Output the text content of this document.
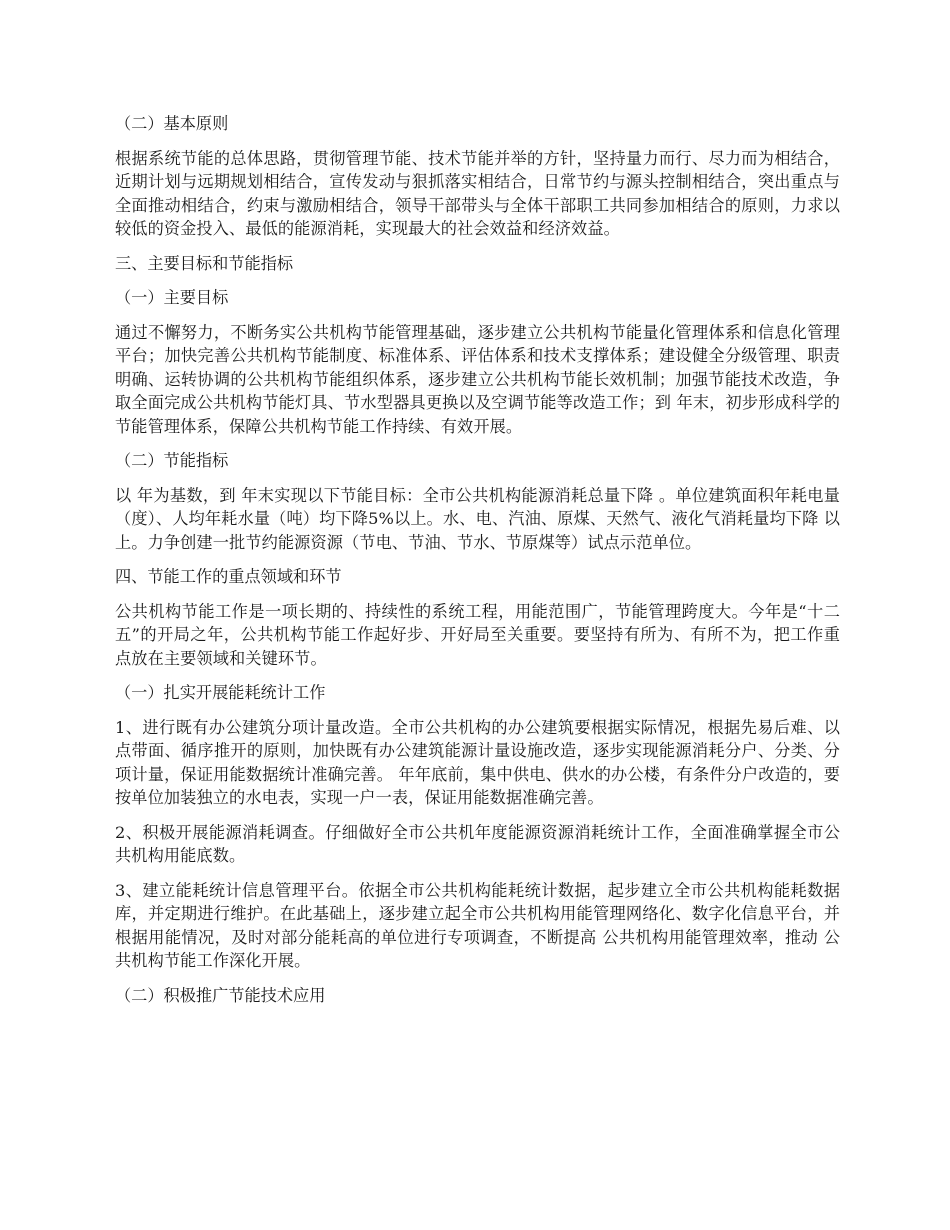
（二）基本原则

根据系统节能的总体思路，贯彻管理节能、技术节能并举的方针，坚持量力而行、尽力而为相结合，近期计划与远期规划相结合，宣传发动与狠抓落实相结合，日常节约与源头控制相结合，突出重点与全面推动相结合，约束与激励相结合，领导干部带头与全体干部职工共同参加相结合的原则，力求以较低的资金投入、最低的能源消耗，实现最大的社会效益和经济效益。

三、主要目标和节能指标

（一）主要目标

通过不懈努力，不断务实公共机构节能管理基础，逐步建立公共机构节能量化管理体系和信息化管理平台；加快完善公共机构节能制度、标准体系、评估体系和技术支撑体系；建设健全分级管理、职责明确、运转协调的公共机构节能组织体系，逐步建立公共机构节能长效机制；加强节能技术改造，争取全面完成公共机构节能灯具、节水型器具更换以及空调节能等改造工作；到 年末，初步形成科学的节能管理体系，保障公共机构节能工作持续、有效开展。

（二）节能指标

以 年为基数，到 年末实现以下节能目标：全市公共机构能源消耗总量下降 。单位建筑面积年耗电量（度）、人均年耗水量（吨）均下降5%以上。水、电、汽油、原煤、天然气、液化气消耗量均下降 以上。力争创建一批节约能源资源（节电、节油、节水、节原煤等）试点示范单位。

四、节能工作的重点领域和环节

公共机构节能工作是一项长期的、持续性的系统工程，用能范围广，节能管理跨度大。今年是“十二五”的开局之年，公共机构节能工作起好步、开好局至关重要。要坚持有所为、有所不为，把工作重点放在主要领域和关键环节。

（一）扎实开展能耗统计工作

1、进行既有办公建筑分项计量改造。全市公共机构的办公建筑要根据实际情况，根据先易后难、以点带面、循序推开的原则，加快既有办公建筑能源计量设施改造，逐步实现能源消耗分户、分类、分项计量，保证用能数据统计准确完善。 年年底前，集中供电、供水的办公楼，有条件分户改造的，要按单位加装独立的水电表，实现一户一表，保证用能数据准确完善。

2、积极开展能源消耗调查。仔细做好全市公共机年度能源资源消耗统计工作，全面准确掌握全市公共机构用能底数。

3、建立能耗统计信息管理平台。依据全市公共机构能耗统计数据，起步建立全市公共机构能耗数据库，并定期进行维护。在此基础上，逐步建立起全市公共机构用能管理网络化、数字化信息平台，并根据用能情况，及时对部分能耗高的单位进行专项调查，不断提高 公共机构用能管理效率，推动 公共机构节能工作深化开展。

（二）积极推广节能技术应用
